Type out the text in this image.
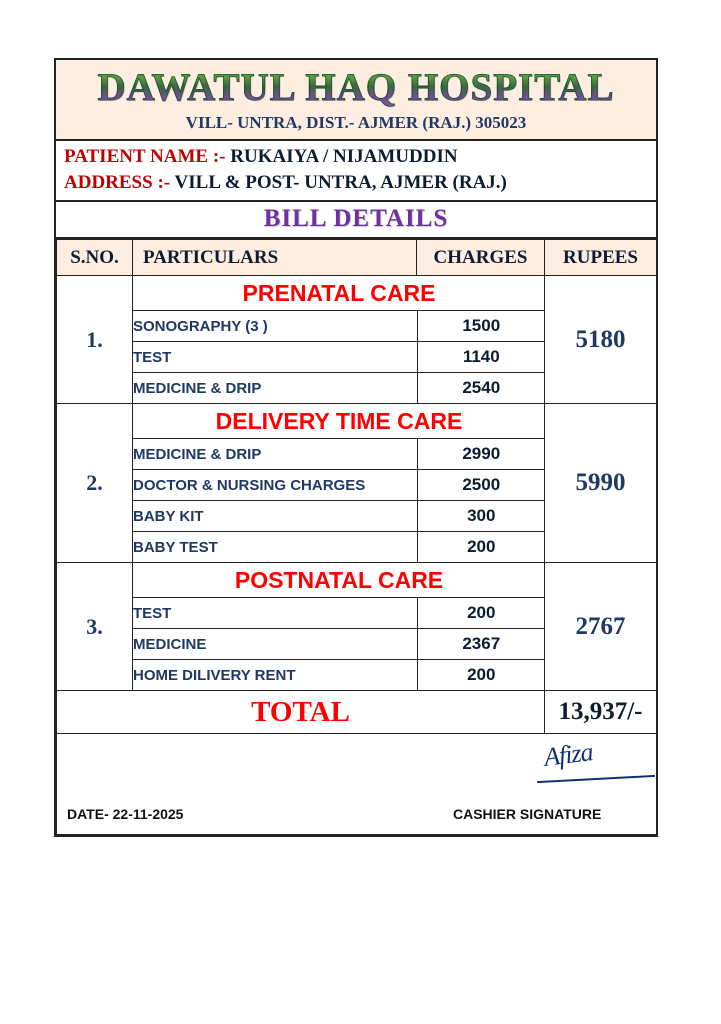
DAWATUL HAQ HOSPITAL
VILL- UNTRA, DIST.- AJMER (RAJ.) 305023
PATIENT NAME :- RUKAIYA / NIJAMUDDIN
ADDRESS :- VILL & POST- UNTRA, AJMER (RAJ.)
BILL DETAILS
S.NO.	PARTICULARS	CHARGES	RUPEES
1.	
PRENATAL CARE
SONOGRAPHY (3 )	1500
TEST	1140
MEDICINE & DRIP	2540
	5180
2.	
DELIVERY TIME CARE
MEDICINE & DRIP	2990
DOCTOR & NURSING CHARGES	2500
BABY KIT	300
BABY TEST	200
	5990
3.	
POSTNATAL CARE
TEST	200
MEDICINE	2367
HOME DILIVERY RENT	200
	2767
TOTAL	13,937/-

Afiza
DATE- 22-11-2025	CASHIER SIGNATURE
